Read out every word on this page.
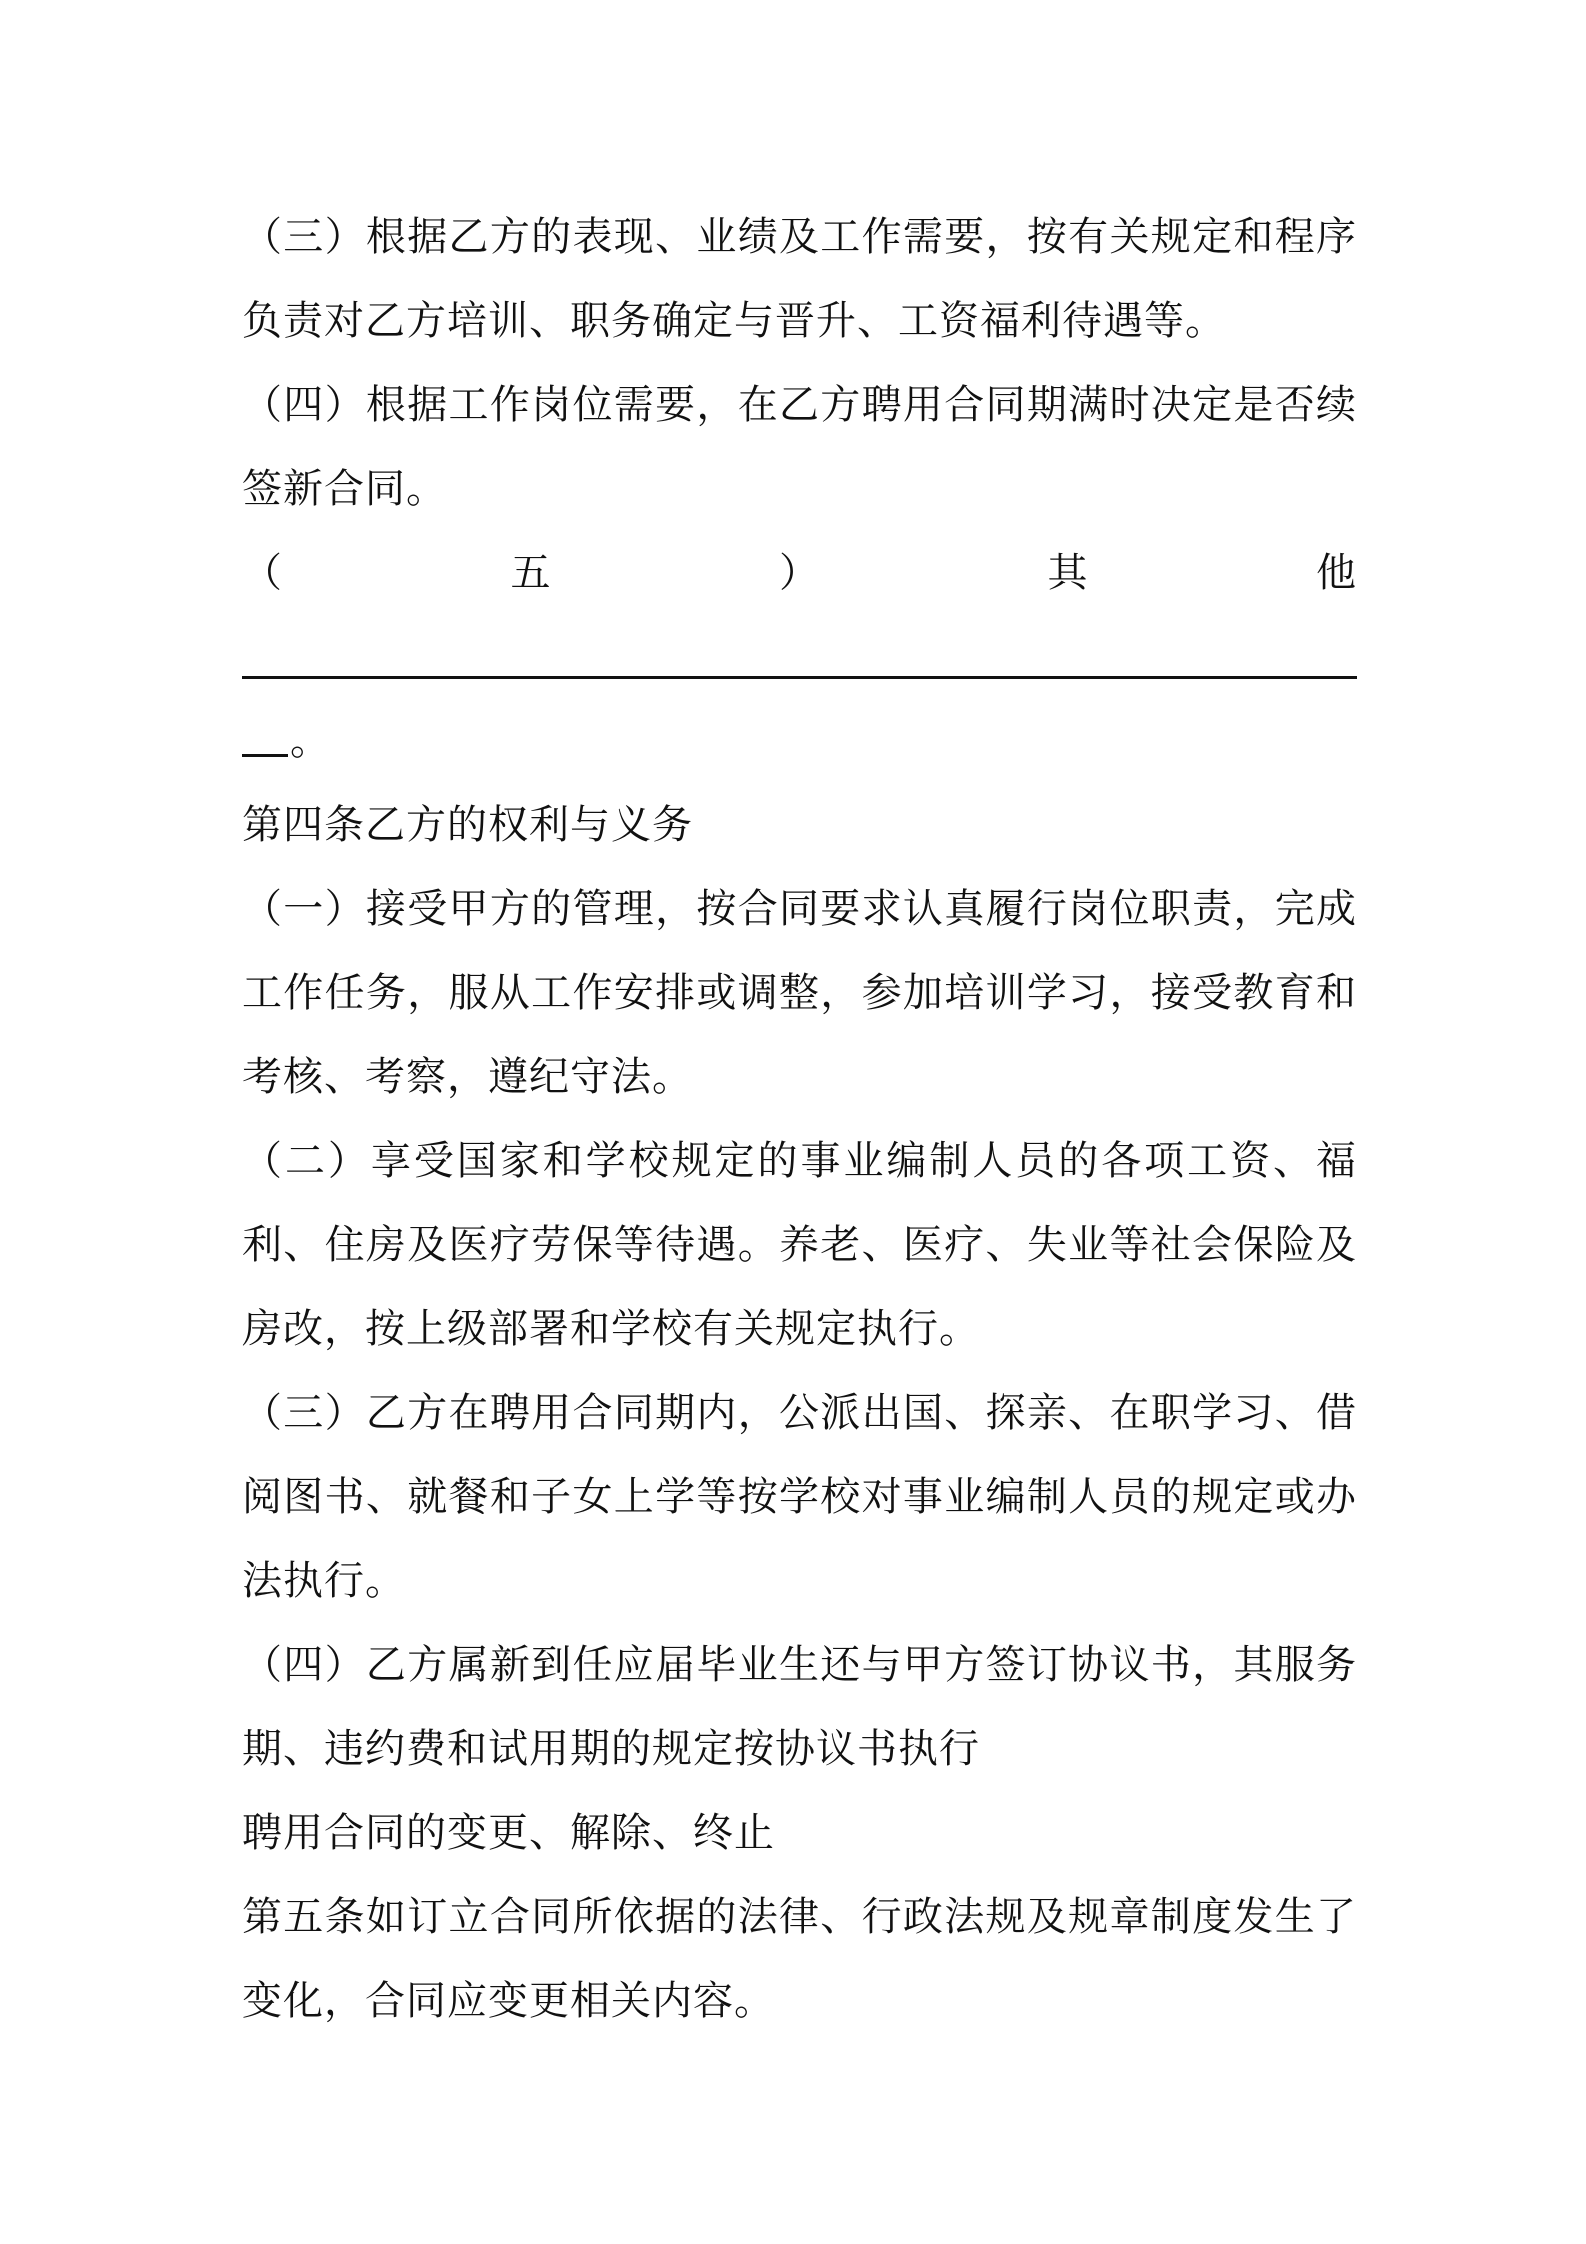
（三）根据乙方的表现、业绩及工作需要，按有关规定和程序负责对乙方培训、职务确定与晋升、工资福利待遇等。

（四）根据工作岗位需要，在乙方聘用合同期满时决定是否续签新合同。

（	五	）	其	他
。

第四条乙方的权利与义务

（一）接受甲方的管理，按合同要求认真履行岗位职责，完成工作任务，服从工作安排或调整，参加培训学习，接受教育和考核、考察，遵纪守法。

（二）享受国家和学校规定的事业编制人员的各项工资、福利、住房及医疗劳保等待遇。养老、医疗、失业等社会保险及房改，按上级部署和学校有关规定执行。

（三）乙方在聘用合同期内，公派出国、探亲、在职学习、借阅图书、就餐和子女上学等按学校对事业编制人员的规定或办法执行。

（四）乙方属新到任应届毕业生还与甲方签订协议书，其服务期、违约费和试用期的规定按协议书执行

聘用合同的变更、解除、终止

第五条如订立合同所依据的法律、行政法规及规章制度发生了变化，合同应变更相关内容。
